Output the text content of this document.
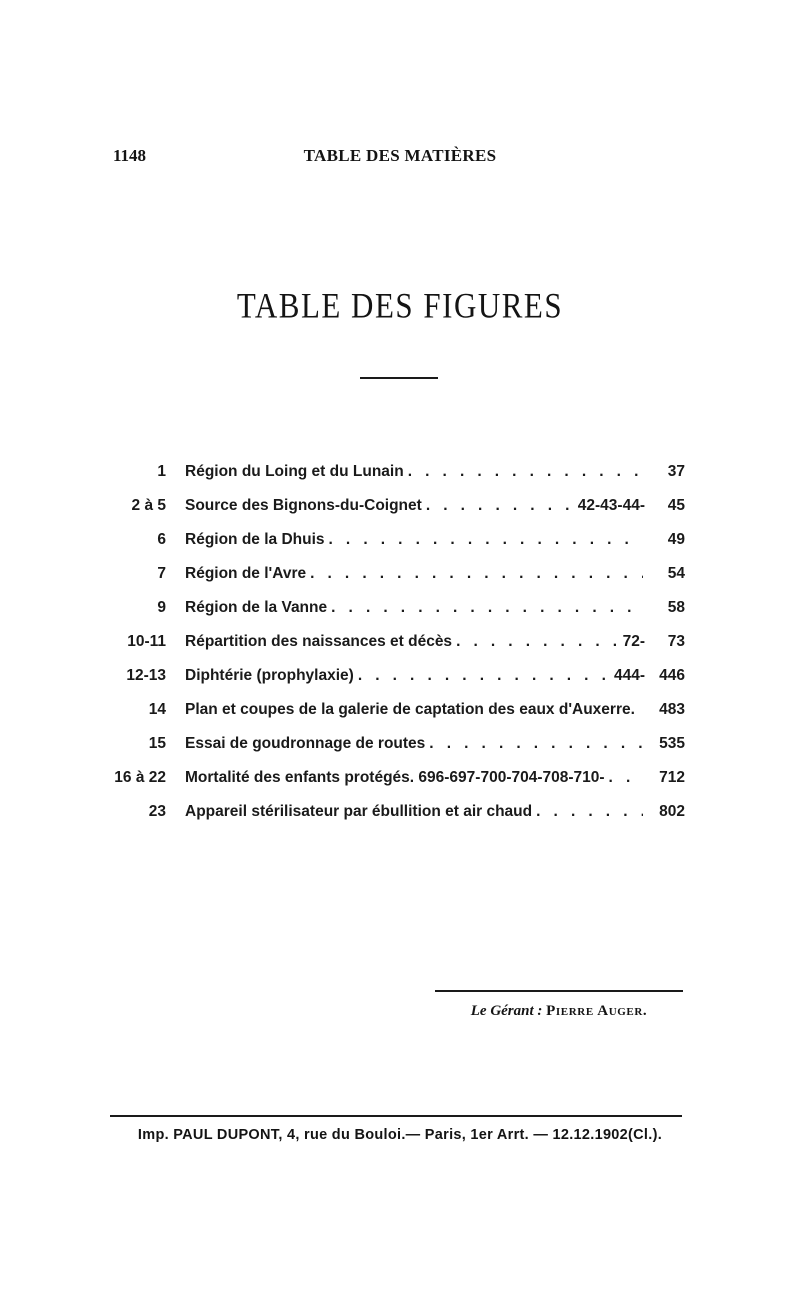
1148	TABLE DES MATIÈRES
TABLE DES FIGURES
1 Région du Loing et du Lunain . . .	37
2 à 5 Source des Bignons-du-Coignet . . .	42-43-44-	45
6 Région de la Dhuis . . .	49
7 Région de l'Avre . . .	54
9 Région de la Vanne . . .	58
10-11 Répartition des naissances et décès . . .	72-	73
12-13 Diphtérie (prophylaxie) . . .	444- 446
14 Plan et coupes de la galerie de captation des eaux d'Auxerre.	483
15 Essai de goudronnage de routes . . .	535
16 à 22 Mortalité des enfants protégés. 696-697-700-704-708-710- . . .	712
23 Appareil stérilisateur par ébullition et air chaud . . .	802
Le Gérant : Pierre Auger.
Imp. PAUL DUPONT, 4, rue du Bouloi.— Paris, 1er Arrt. — 12.12.1902(Cl.).
